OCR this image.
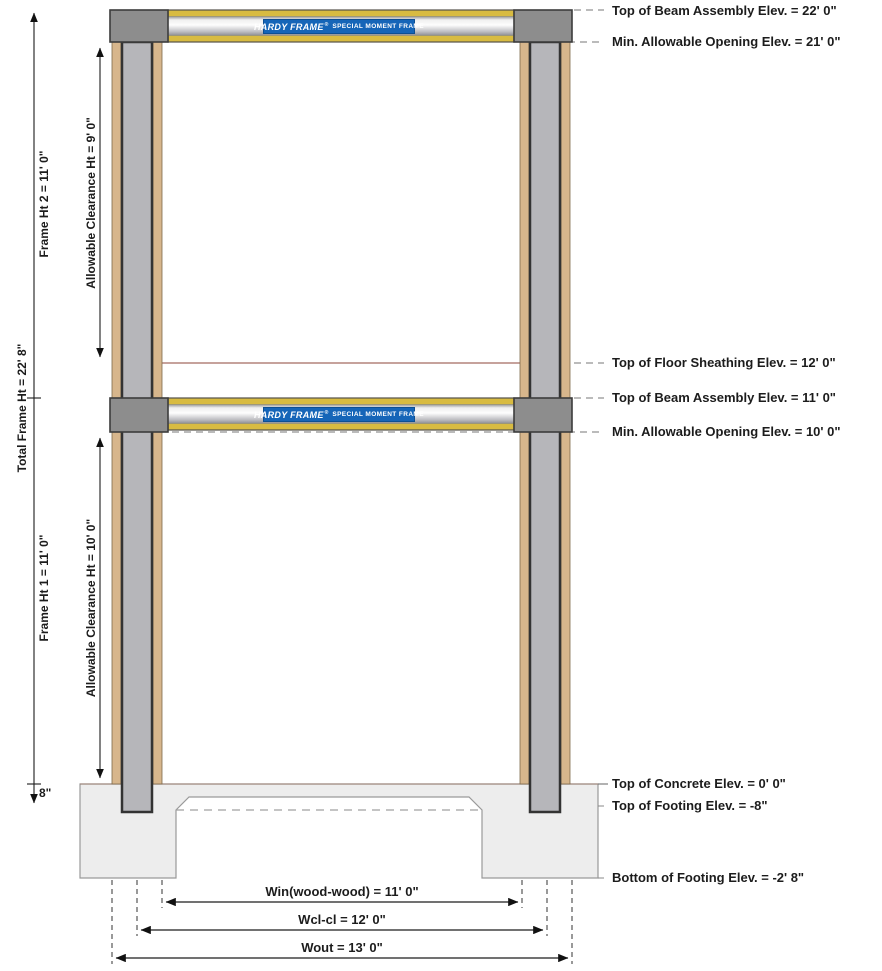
HARDY FRAME ® SPECIAL MOMENT FRAME
HARDY FRAME ® SPECIAL MOMENT FRAME
Total Frame Ht = 22' 8"
Frame Ht 2 = 11' 0"
Frame Ht 1 = 11' 0"
Allowable Clearance Ht = 9' 0"
Allowable Clearance Ht = 10' 0"
8"
Top of Beam Assembly Elev. = 22' 0"
Min. Allowable Opening Elev. = 21' 0"
Top of Floor Sheathing Elev. = 12' 0"
Top of Beam Assembly Elev. = 11' 0"
Min. Allowable Opening Elev. = 10' 0"
Top of Concrete Elev. = 0' 0"
Top of Footing Elev. = -8"
Bottom of Footing Elev. = -2' 8"
Win(wood-wood) = 11' 0"
Wcl-cl = 12' 0"
Wout = 13' 0"
